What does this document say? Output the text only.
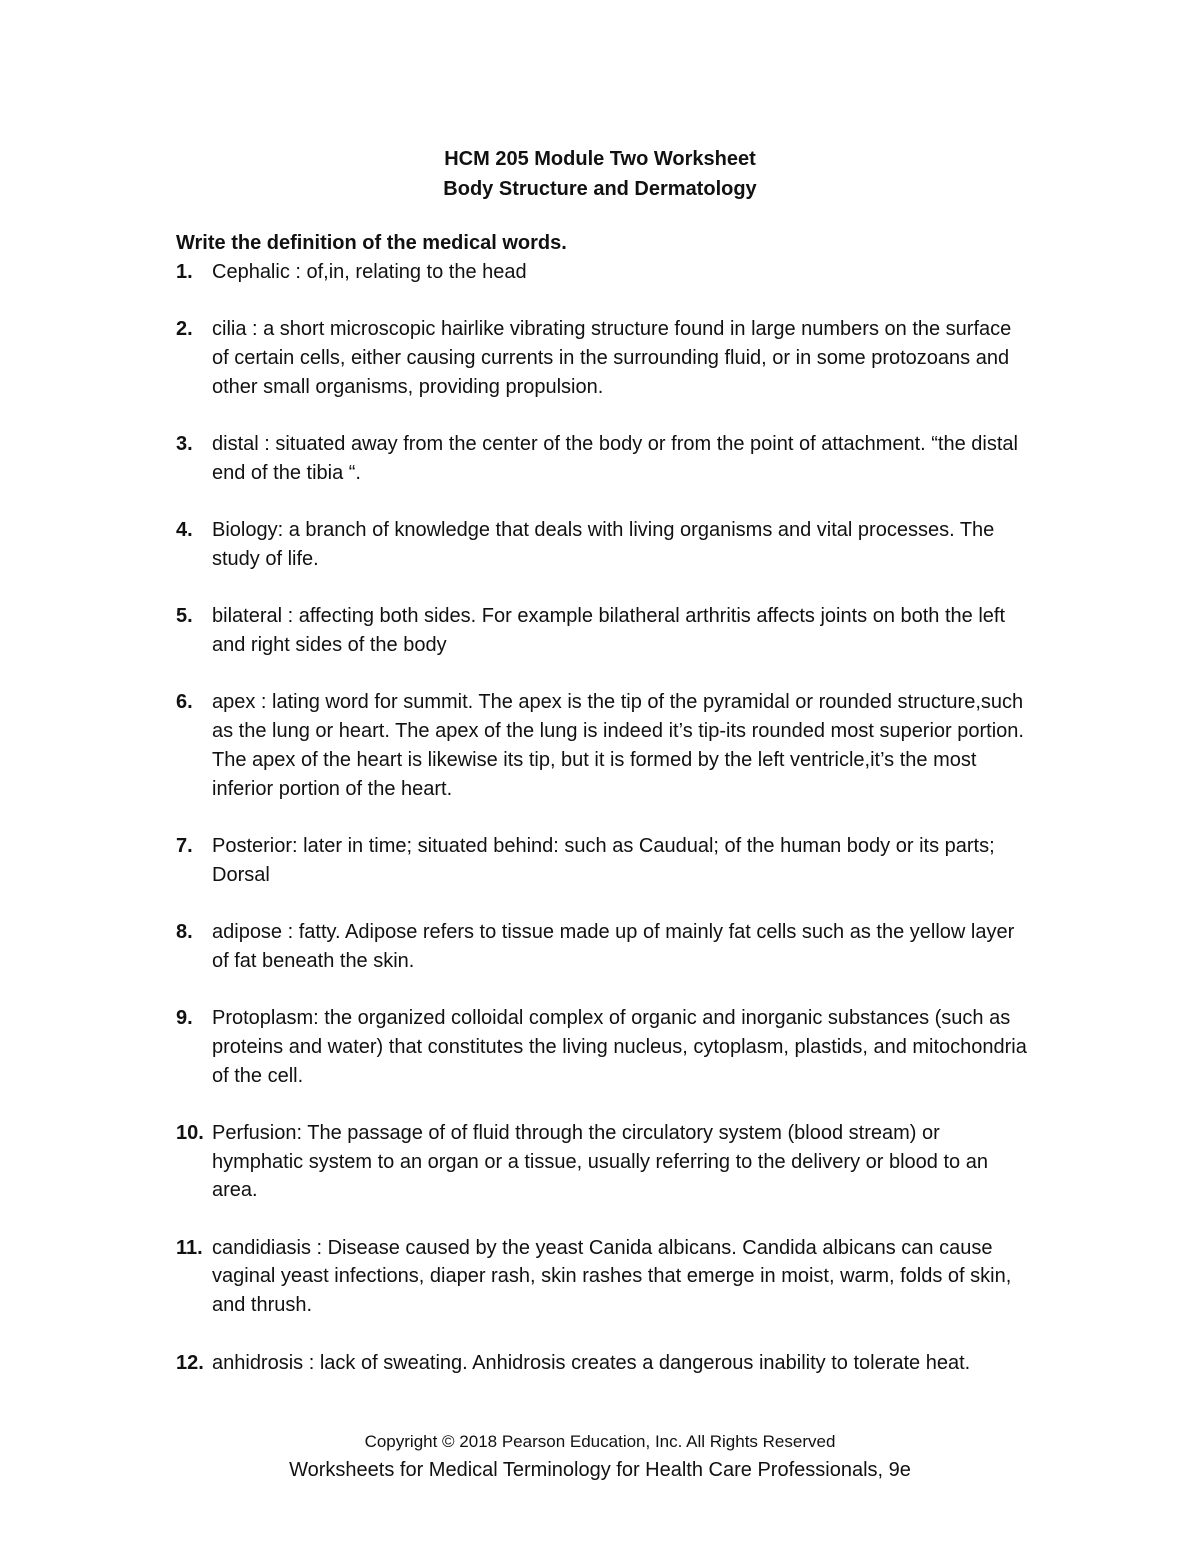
HCM 205 Module Two Worksheet
Body Structure and Dermatology
Write the definition of the medical words.
1. Cephalic : of,in, relating to the head
2. cilia : a short microscopic hairlike vibrating structure found in large numbers on the surface of certain cells, either causing currents in the surrounding fluid, or in some protozoans and other small organisms, providing propulsion.
3. distal : situated away from the center of the body or from the point of attachment. “the distal end of the tibia “.
4. Biology: a branch of knowledge that deals with living organisms and vital processes. The study of life.
5. bilateral : affecting both sides. For example bilatheral arthritis affects joints on both the left and right sides of the body
6. apex : lating word for summit. The apex is the tip of the pyramidal or rounded structure,such as the lung or heart. The apex of the lung is indeed it’s tip-its rounded most superior portion. The apex of the heart is likewise its tip, but it is formed by the left ventricle,it’s the most inferior portion of the heart.
7. Posterior: later in time; situated behind: such as Caudual; of the human body or its parts; Dorsal
8. adipose : fatty. Adipose refers to tissue made up of mainly fat cells such as the yellow layer of fat beneath the skin.
9. Protoplasm: the organized colloidal complex of organic and inorganic substances (such as proteins and water) that constitutes the living nucleus, cytoplasm, plastids, and mitochondria of the cell.
10. Perfusion: The passage of of fluid through the circulatory system (blood stream) or hymphatic system to an organ or a tissue, usually referring to the delivery or blood to an area.
11. candidiasis : Disease caused by the yeast Canida albicans. Candida albicans can cause vaginal yeast infections, diaper rash, skin rashes that emerge in moist, warm, folds of skin, and thrush.
12. anhidrosis : lack of sweating. Anhidrosis creates a dangerous inability to tolerate heat.
Copyright © 2018 Pearson Education, Inc. All Rights Reserved
Worksheets for Medical Terminology for Health Care Professionals, 9e
